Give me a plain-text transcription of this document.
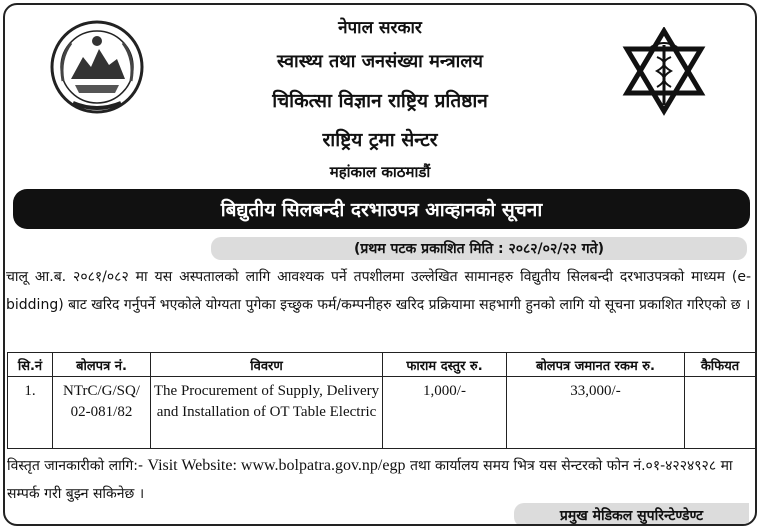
नेपाल सरकार
स्वास्थ्य तथा जनसंख्या मन्त्रालय
चिकित्सा विज्ञान राष्ट्रिय प्रतिष्ठान
राष्ट्रिय ट्रमा सेन्टर
महांकाल काठमाडौं
बिद्युतीय सिलबन्दी दरभाउपत्र आव्हानको सूचना
(प्रथम पटक प्रकाशित मिति : २०८२/०२/२२ गते)
चालू आ.ब. २०८१/०८२ मा यस अस्पतालको लागि आवश्यक पर्ने तपशीलमा उल्लेखित सामानहरु विद्युतीय सिलबन्दी दरभाउपत्रको माध्यम (e-bidding) बाट खरिद गर्नुपर्ने भएकोले योग्यता पुगेका इच्छुक फर्म/कम्पनीहरु खरिद प्रक्रियामा सहभागी हुनको लागि यो सूचना प्रकाशित गरिएको छ ।
सि.नं	बोलपत्र नं.	विवरण	फाराम दस्तुर रु.	बोलपत्र जमानत रकम रु.	कैफियत
1.	NTrC/G/SQ/ 02-081/82	The Procurement of Supply, Delivery and Installation of OT Table Electric	1,000/-	33,000/-	
विस्तृत जानकारीको लागि:- Visit Website: www.bolpatra.gov.np/egp तथा कार्यालय समय भित्र यस सेन्टरको फोन नं.०१-४२२४९२८ मा सम्पर्क गरी बुझ्न सकिनेछ ।
प्रमुख मेडिकल सुपरिन्टेण्डेण्ट
